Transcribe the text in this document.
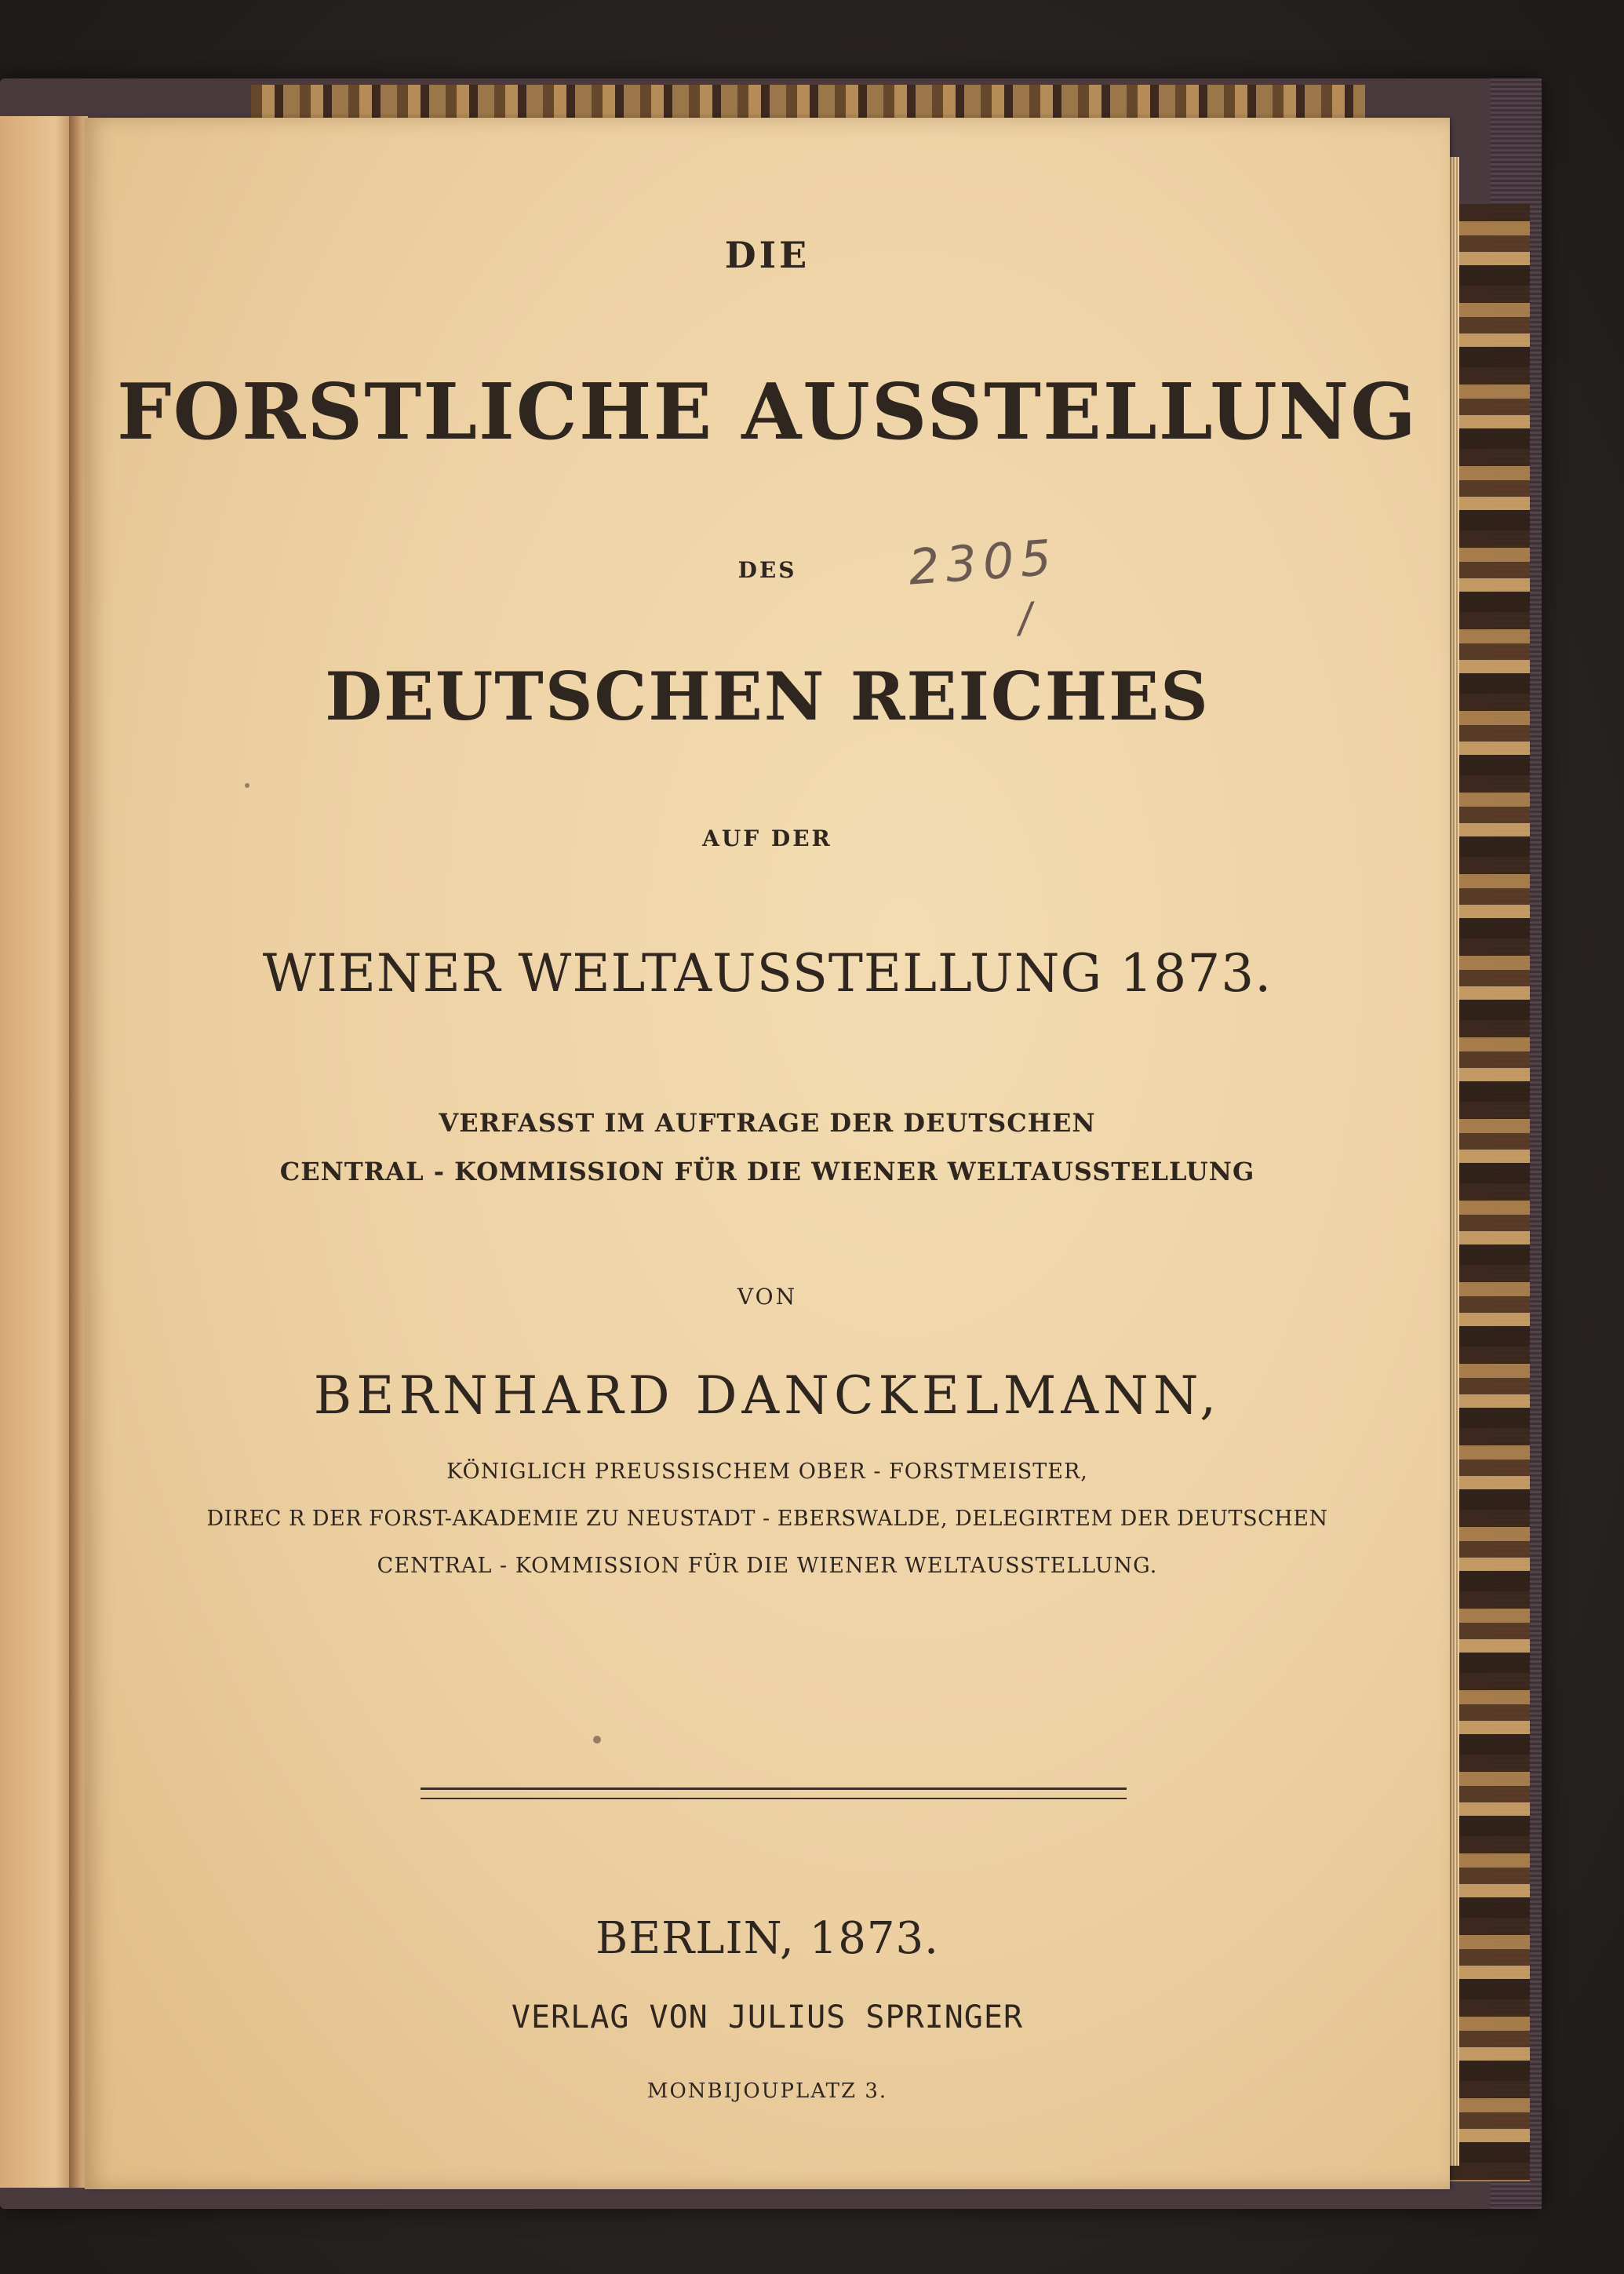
DIE
FORSTLICHE AUSSTELLUNG
DES
DEUTSCHEN REICHES
AUF DER
WIENER WELTAUSSTELLUNG 1873.
VERFASST IM AUFTRAGE DER DEUTSCHEN
CENTRAL - KOMMISSION FÜR DIE WIENER WELTAUSSTELLUNG
VON
BERNHARD DANCKELMANN,
KÖNIGLICH PREUSSISCHEM OBER - FORSTMEISTER,
DIREC R DER FORST-AKADEMIE ZU NEUSTADT - EBERSWALDE, DELEGIRTEM DER DEUTSCHEN
CENTRAL - KOMMISSION FÜR DIE WIENER WELTAUSSTELLUNG.
2305
/
BERLIN, 1873.
VERLAG VON JULIUS SPRINGER
MONBIJOUPLATZ 3.
